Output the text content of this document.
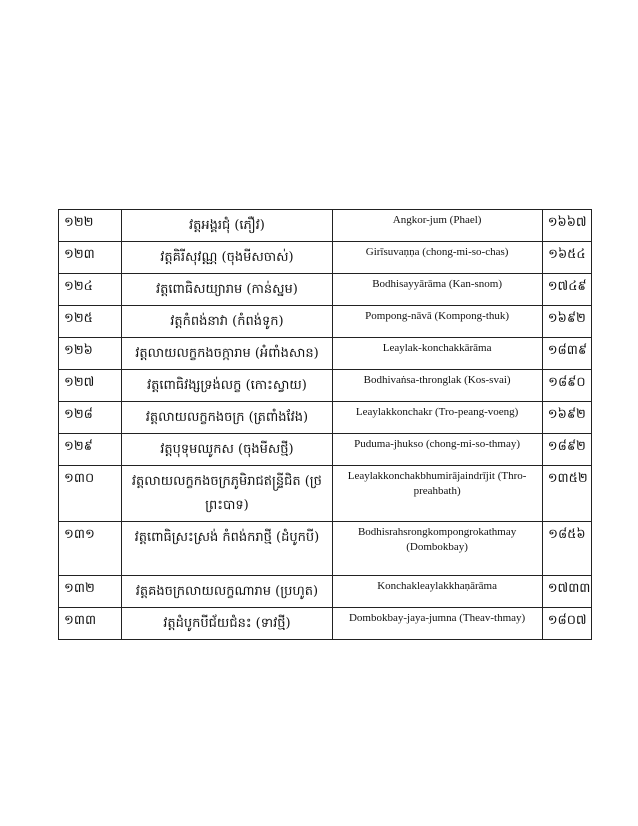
១២២	វត្តអង្គរជុំ (ភឿវ)	Angkor-jum (Phael)	១៦៦៧
១២៣	វត្តគិរីសុវណ្ណ (ចុងមីសចាស់)	Girīsuvaṇṇa (chong-mi-so-chas)	១៦៥៤
១២៤	វត្តពោធិសយ្យារាម (កាន់ស្នម)	Bodhisayyārāma (Kan-snom)	១៧៤៩
១២៥	វត្តកំពង់នាវា (កំពង់ទូក)	Pompong-nāvā (Kompong-thuk)	១៦៩២
១២៦	វត្តលាយលក្ខកងចក្ការាម (អំពាំងសាន)	Leaylak-konchakkārāma	១៨៣៩
១២៧	វត្តពោធិវង្សទ្រង់លក្ខ (កោះស្វាយ)	Bodhivaṅsa-thronglak (Kos-svai)	១៨៩០
១២៨	វត្តលាយលក្ខកងចក្រ (ត្រពាំងវែង)	Leaylakkonchakr (Tro-peang-voeng)	១៦៩២
១២៩	វត្តបុទុមឈូកស (ចុងមីសថ្មី)	Puduma-jhukso (chong-mi-so-thmay)	១៨៩២
១៣០	វត្តលាយលក្ខកងចក្រភូមិរាជឥន្ទ្រីជិត (ថ្រព្រះបាទ)	Leaylakkonchakbhumirājaindrījit (Thro-preahbath)	១៣៥២
១៣១	វត្តពោធិស្រះស្រង់ កំពង់ករាថ្មី (ដំបូកបី)	Bodhisrahsrongkompongrokathmay (Dombokbay)	១៨៥៦
១៣២	វត្តគងចក្រលាយលក្ខណារាម (ប្រហូត)	Konchakleaylakkhaṇārāma	១៧៣៣
១៣៣	វត្តដំបូកបីជ័យជំនះ (ទាវថ្មី)	Dombokbay-jaya-jumna (Theav-thmay)	១៨០៧
